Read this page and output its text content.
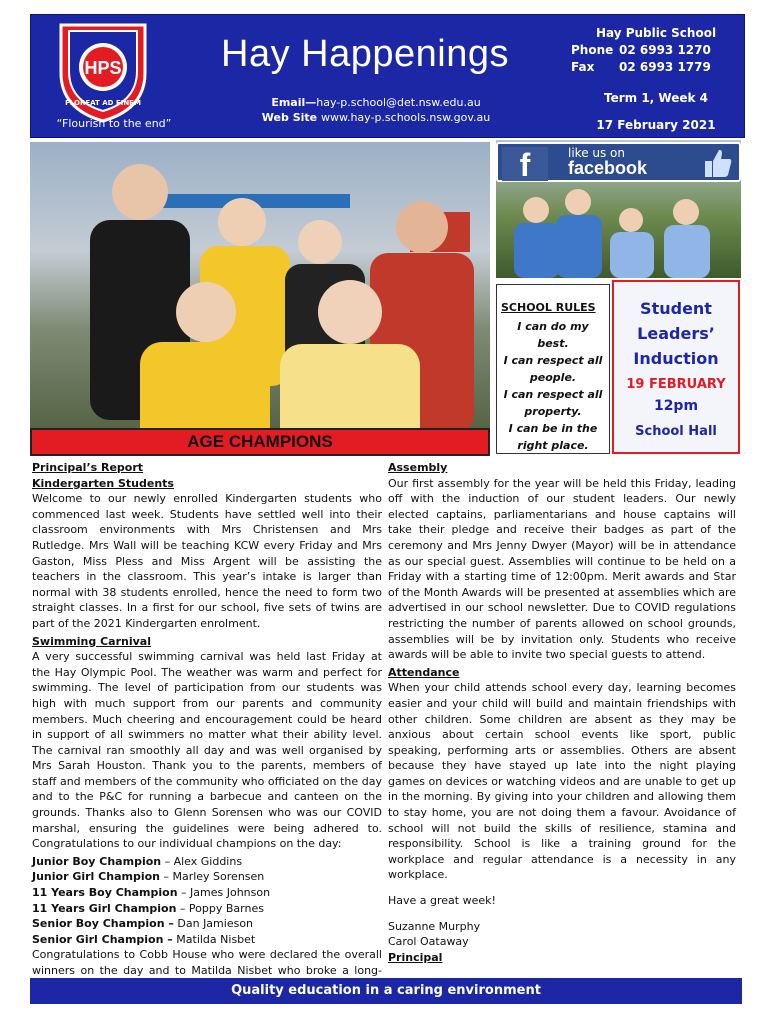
HPS
FLOREAT AD FINEM
“Flourish to the end”
Hay Happenings
Email—hay-p.school@det.nsw.edu.au
Web Site www.hay-p.schools.nsw.gov.au
Hay Public School
Phone 02 6993 1270
Fax	02 6993 1779
Term 1, Week 4
17 February 2021
AGE CHAMPIONS
f	like us on
facebook
SCHOOL RULES
I can do my best.
I can respect all people.
I can respect all property.
I can be in the right place.
Student
Leaders’
Induction
19 FEBRUARY
12pm
School Hall
Principal’s Report
Kindergarten Students

Welcome to our newly enrolled Kindergarten students who commenced last week. Students have settled well into their classroom environments with Mrs Christensen and Mrs Rutledge. Mrs Wall will be teaching KCW every Friday and Mrs Gaston, Miss Pless and Miss Argent will be assisting the teachers in the classroom. This year’s intake is larger than normal with 38 students enrolled, hence the need to form two straight classes. In a first for our school, five sets of twins are part of the 2021 Kindergarten enrolment.

Swimming Carnival

A very successful swimming carnival was held last Friday at the Hay Olympic Pool. The weather was warm and perfect for swimming. The level of participation from our students was high with much support from our parents and community members. Much cheering and encouragement could be heard in support of all swimmers no matter what their ability level. The carnival ran smoothly all day and was well organised by Mrs Sarah Houston. Thank you to the parents, members of staff and members of the community who officiated on the day and to the P&C for running a barbecue and canteen on the grounds. Thanks also to Glenn Sorensen who was our COVID marshal, ensuring the guidelines were being adhered to. Congratulations to our individual champions on the day:

Junior Boy Champion – Alex Giddins
Junior Girl Champion – Marley Sorensen
11 Years Boy Champion – James Johnson
11 Years Girl Champion – Poppy Barnes
Senior Boy Champion – Dan Jamieson
Senior Girl Champion – Matilda Nisbet

Congratulations to Cobb House who were declared the overall winners on the day and to Matilda Nisbet who broke a long-

Assembly

Our first assembly for the year will be held this Friday, leading off with the induction of our student leaders. Our newly elected captains, parliamentarians and house captains will take their pledge and receive their badges as part of the ceremony and Mrs Jenny Dwyer (Mayor) will be in attendance as our special guest. Assemblies will continue to be held on a Friday with a starting time of 12:00pm. Merit awards and Star of the Month Awards will be presented at assemblies which are advertised in our school newsletter. Due to COVID regulations restricting the number of parents allowed on school grounds, assemblies will be by invitation only. Students who receive awards will be able to invite two special guests to attend.

Attendance

When your child attends school every day, learning becomes easier and your child will build and maintain friendships with other children. Some children are absent as they may be anxious about certain school events like sport, public speaking, performing arts or assemblies. Others are absent because they have stayed up late into the night playing games on devices or watching videos and are unable to get up in the morning. By giving into your children and allowing them to stay home, you are not doing them a favour. Avoidance of school will not build the skills of resilience, stamina and responsibility. School is like a training ground for the workplace and regular attendance is a necessity in any workplace.

Have a great week!

Suzanne Murphy
Carol Oataway
Principal
Quality education in a caring environment
